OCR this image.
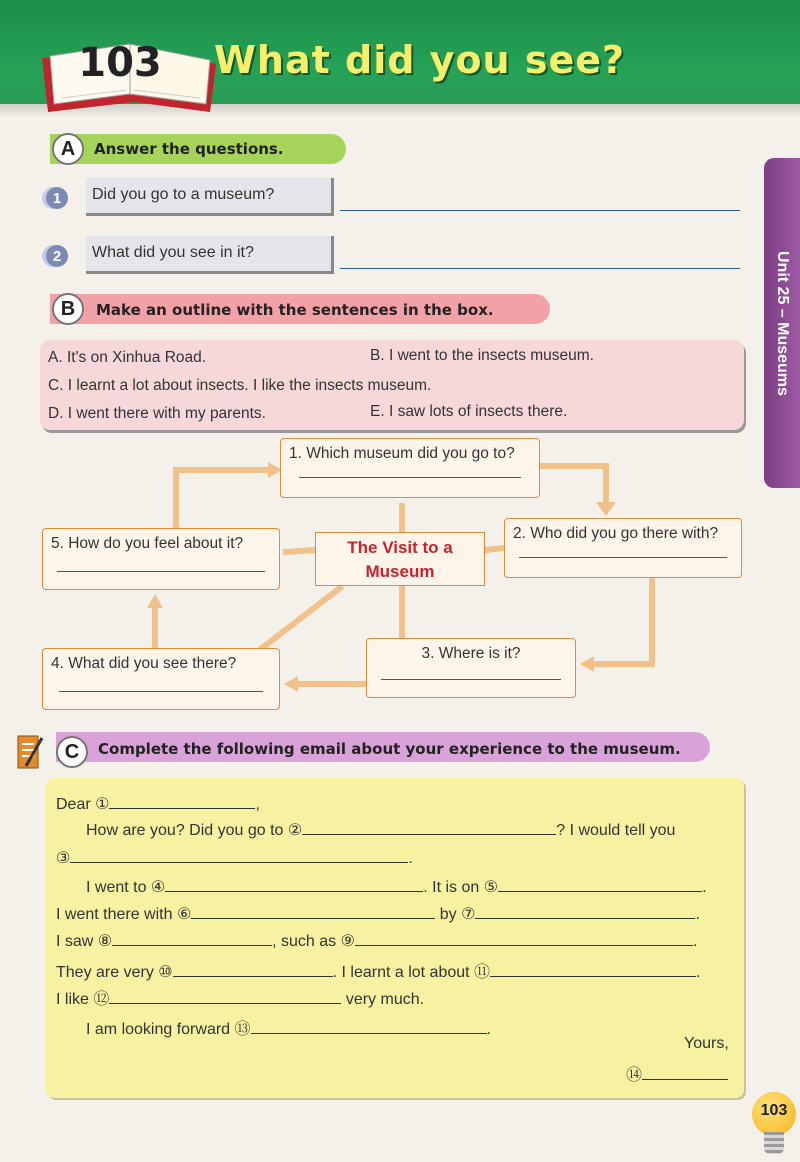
103 What did you see?
Unit 25 – Museums
A	Answer the questions.
1	Did you go to a museum?
2	What did you see in it?
B	Make an outline with the sentences in the box.
A. It's on Xinhua Road.	B. I went to the insects museum.
C. I learnt a lot about insects. I like the insects museum.
D. I went there with my parents.	E. I saw lots of insects there.
1. Which museum did you go to?
2. Who did you go there with?
3. Where is it?
4. What did you see there?
5. How do you feel about it?	The Visit to a Museum
C	Complete the following email about your experience to the museum.
Dear ①	,
How are you? Did you go to ②	? I would tell you
③	.
I went to ④	. It is on ⑤	.
I went there with ⑥	by ⑦	.
I saw ⑧	, such as ⑨	.
They are very ⑩	. I learnt a lot about ⑪	.
I like ⑫	very much.
I am looking forward ⑬	.
Yours,
⑭
103
